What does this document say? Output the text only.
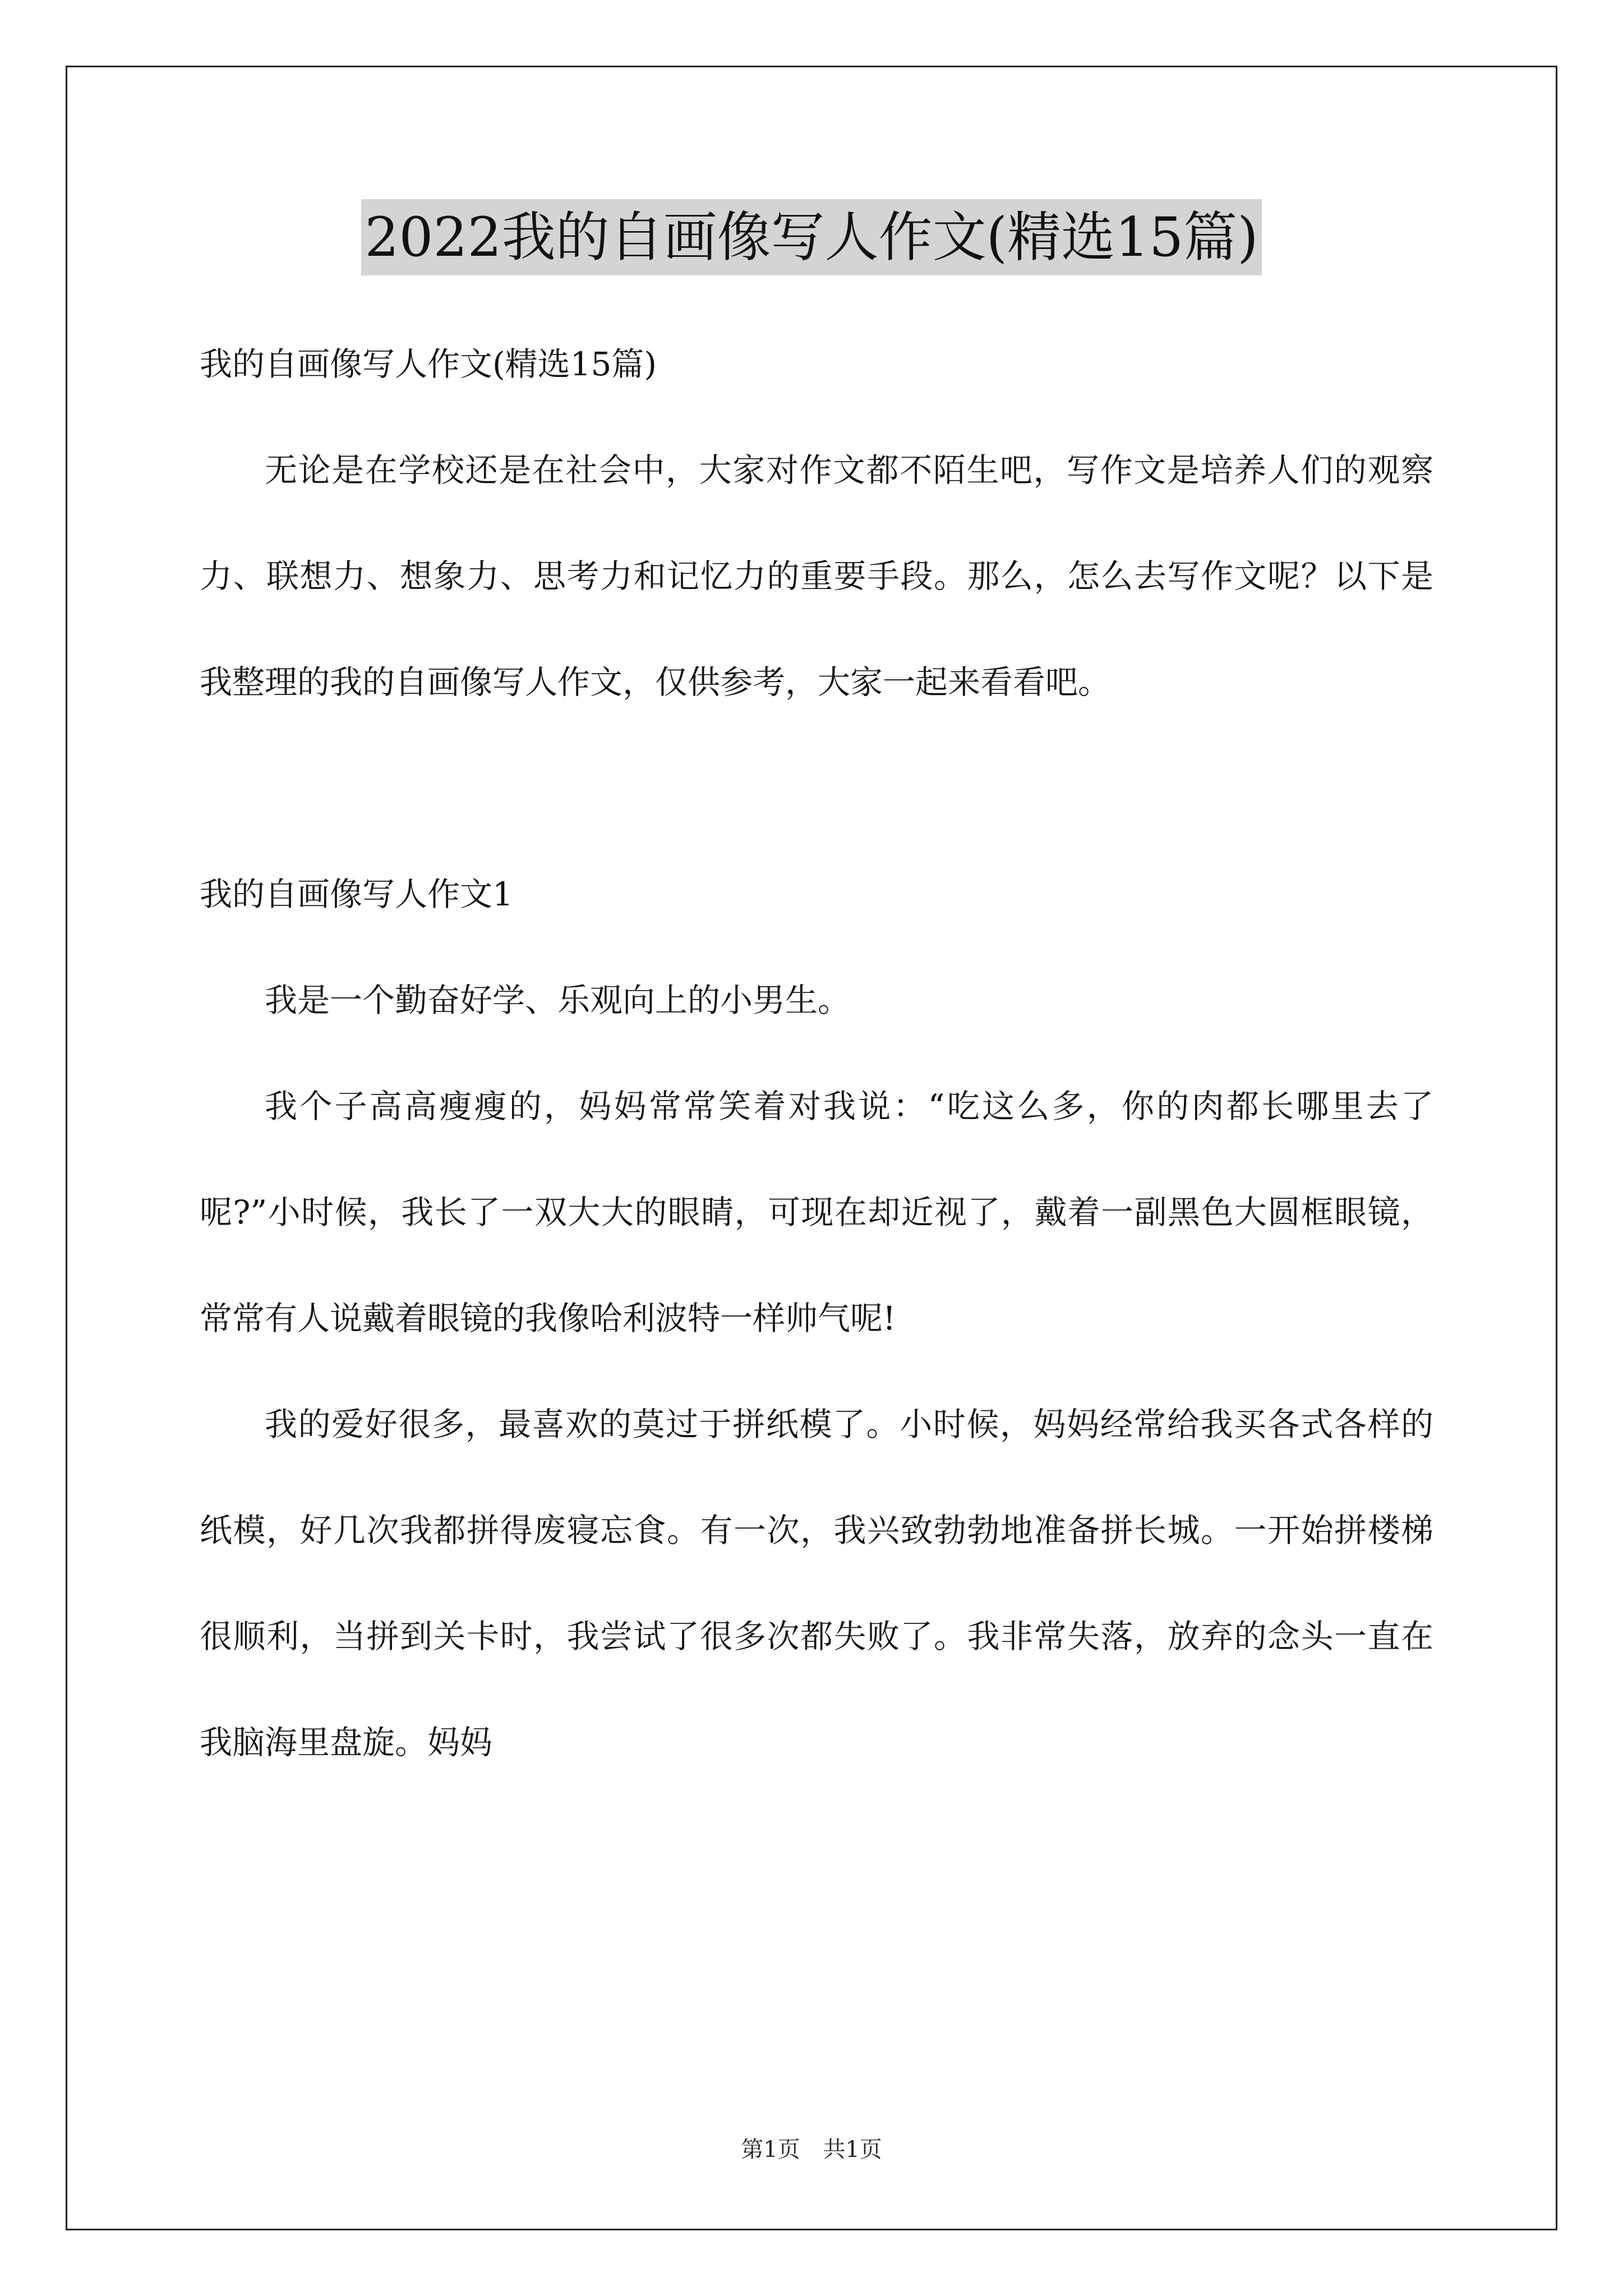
2022我的自画像写人作文(精选15篇)

我的自画像写人作文(精选15篇)

无论是在学校还是在社会中，大家对作文都不陌生吧，写作文是培养人们的观察力、联想力、想象力、思考力和记忆力的重要手段。那么，怎么去写作文呢？以下是我整理的我的自画像写人作文，仅供参考，大家一起来看看吧。

我的自画像写人作文1

我是一个勤奋好学、乐观向上的小男生。

我个子高高瘦瘦的，妈妈常常笑着对我说：“吃这么多，你的肉都长哪里去了呢?”小时候，我长了一双大大的眼睛，可现在却近视了，戴着一副黑色大圆框眼镜，常常有人说戴着眼镜的我像哈利波特一样帅气呢!

我的爱好很多，最喜欢的莫过于拼纸模了。小时候，妈妈经常给我买各式各样的纸模，好几次我都拼得废寝忘食。有一次，我兴致勃勃地准备拼长城。一开始拼楼梯很顺利，当拼到关卡时，我尝试了很多次都失败了。我非常失落，放弃的念头一直在我脑海里盘旋。妈妈

第1页 共1页
